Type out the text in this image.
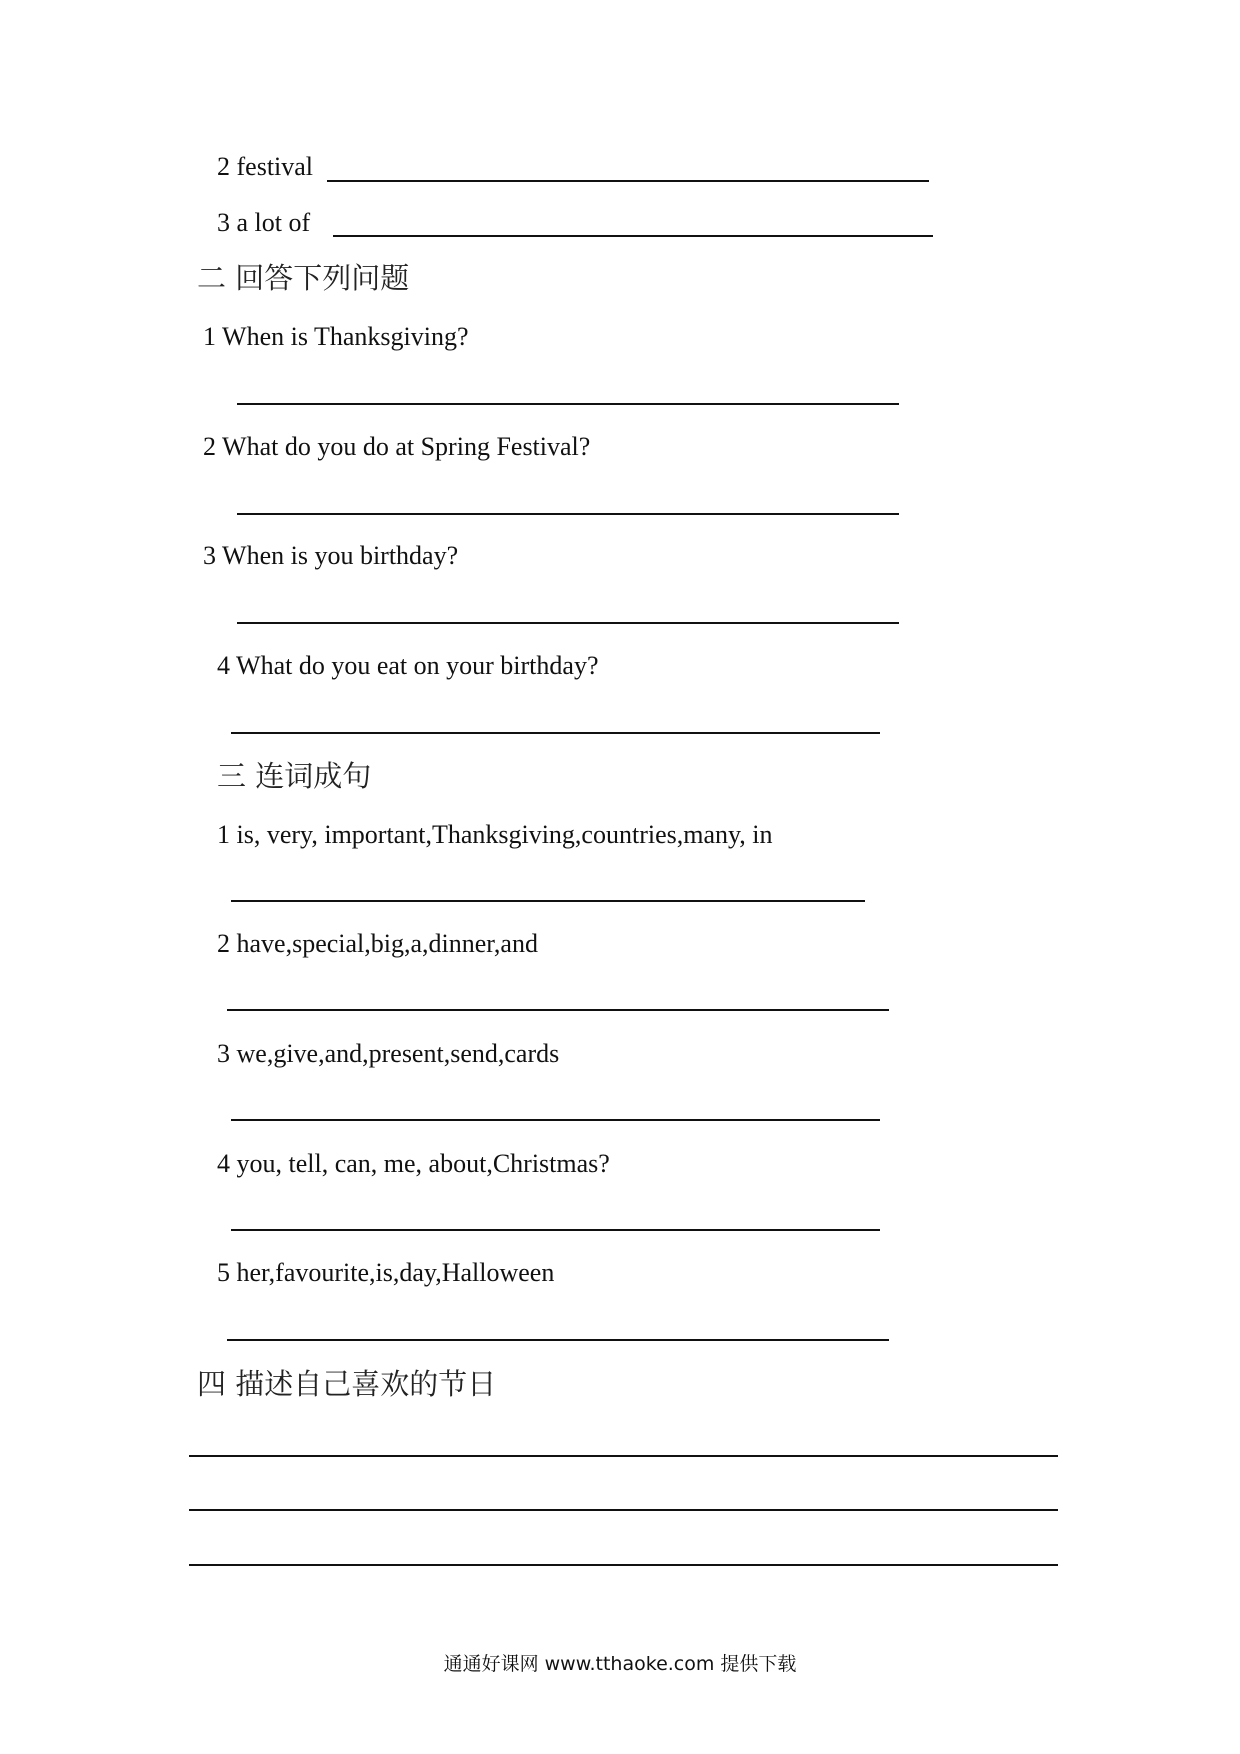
2 festival
3 a lot of
二 回答下列问题
1 When is Thanksgiving?
2 What do you do at Spring Festival?
3 When is you birthday?
4 What do you eat on your birthday?
三 连词成句
1 is, very, important,Thanksgiving,countries,many, in
2 have,special,big,a,dinner,and
3 we,give,and,present,send,cards
4 you, tell, can, me, about,Christmas?
5 her,favourite,is,day,Halloween
四 描述自己喜欢的节日
通通好课网 www.tthaoke.com 提供下载
